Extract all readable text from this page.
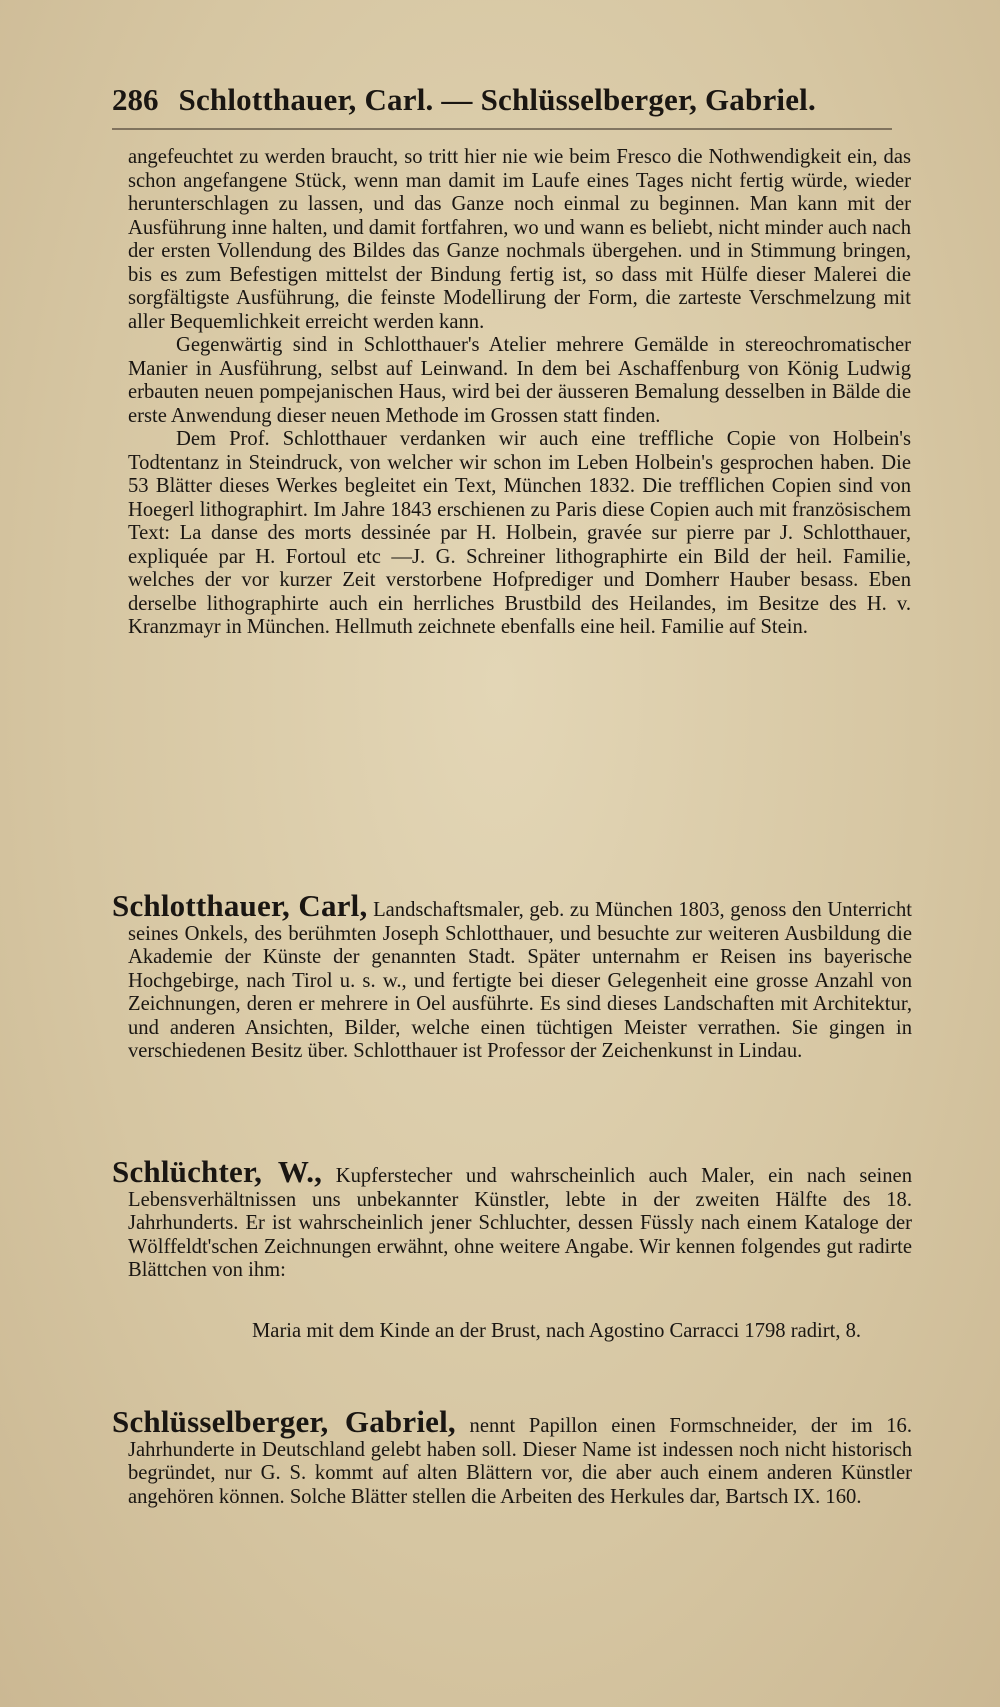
286 Schlotthauer, Carl. — Schlüsselberger, Gabriel.

angefeuchtet zu werden braucht, so tritt hier nie wie beim Fresco die Nothwendigkeit ein, das schon angefangene Stück, wenn man damit im Laufe eines Tages nicht fertig würde, wieder herunterschlagen zu lassen, und das Ganze noch einmal zu beginnen. Man kann mit der Ausführung inne halten, und damit fortfahren, wo und wann es beliebt, nicht minder auch nach der ersten Vollendung des Bildes das Ganze nochmals übergehen. und in Stimmung bringen, bis es zum Befestigen mittelst der Bindung fertig ist, so dass mit Hülfe dieser Malerei die sorgfältigste Ausführung, die feinste Modellirung der Form, die zarteste Verschmelzung mit aller Bequemlichkeit erreicht werden kann.

Gegenwärtig sind in Schlotthauer's Atelier mehrere Gemälde in stereochromatischer Manier in Ausführung, selbst auf Leinwand. In dem bei Aschaffenburg von König Ludwig erbauten neuen pompejanischen Haus, wird bei der äusseren Bemalung desselben in Bälde die erste Anwendung dieser neuen Methode im Grossen statt finden.

Dem Prof. Schlotthauer verdanken wir auch eine treffliche Copie von Holbein's Todtentanz in Steindruck, von welcher wir schon im Leben Holbein's gesprochen haben. Die 53 Blätter dieses Werkes begleitet ein Text, München 1832. Die trefflichen Copien sind von Hoegerl lithographirt. Im Jahre 1843 erschienen zu Paris diese Copien auch mit französischem Text: La danse des morts dessinée par H. Holbein, gravée sur pierre par J. Schlotthauer, expliquée par H. Fortoul etc —J. G. Schreiner lithographirte ein Bild der heil. Familie, welches der vor kurzer Zeit verstorbene Hofprediger und Domherr Hauber besass. Eben derselbe lithographirte auch ein herrliches Brustbild des Heilandes, im Besitze des H. v. Kranzmayr in München. Hellmuth zeichnete ebenfalls eine heil. Familie auf Stein.

Schlotthauer, Carl, Landschaftsmaler, geb. zu München 1803, genoss den Unterricht seines Onkels, des berühmten Joseph Schlotthauer, und besuchte zur weiteren Ausbildung die Akademie der Künste der genannten Stadt. Später unternahm er Reisen ins bayerische Hochgebirge, nach Tirol u. s. w., und fertigte bei dieser Gelegenheit eine grosse Anzahl von Zeichnungen, deren er mehrere in Oel ausführte. Es sind dieses Landschaften mit Architektur, und anderen Ansichten, Bilder, welche einen tüchtigen Meister verrathen. Sie gingen in verschiedenen Besitz über. Schlotthauer ist Professor der Zeichenkunst in Lindau.

Schlüchter, W., Kupferstecher und wahrscheinlich auch Maler, ein nach seinen Lebensverhältnissen uns unbekannter Künstler, lebte in der zweiten Hälfte des 18. Jahrhunderts. Er ist wahrscheinlich jener Schluchter, dessen Füssly nach einem Kataloge der Wölffeldt'schen Zeichnungen erwähnt, ohne weitere Angabe. Wir kennen folgendes gut radirte Blättchen von ihm:

Maria mit dem Kinde an der Brust, nach Agostino Carracci 1798 radirt, 8.

Schlüsselberger, Gabriel, nennt Papillon einen Formschneider, der im 16. Jahrhunderte in Deutschland gelebt haben soll. Dieser Name ist indessen noch nicht historisch begründet, nur G. S. kommt auf alten Blättern vor, die aber auch einem anderen Künstler angehören können. Solche Blätter stellen die Arbeiten des Herkules dar, Bartsch IX. 160.
